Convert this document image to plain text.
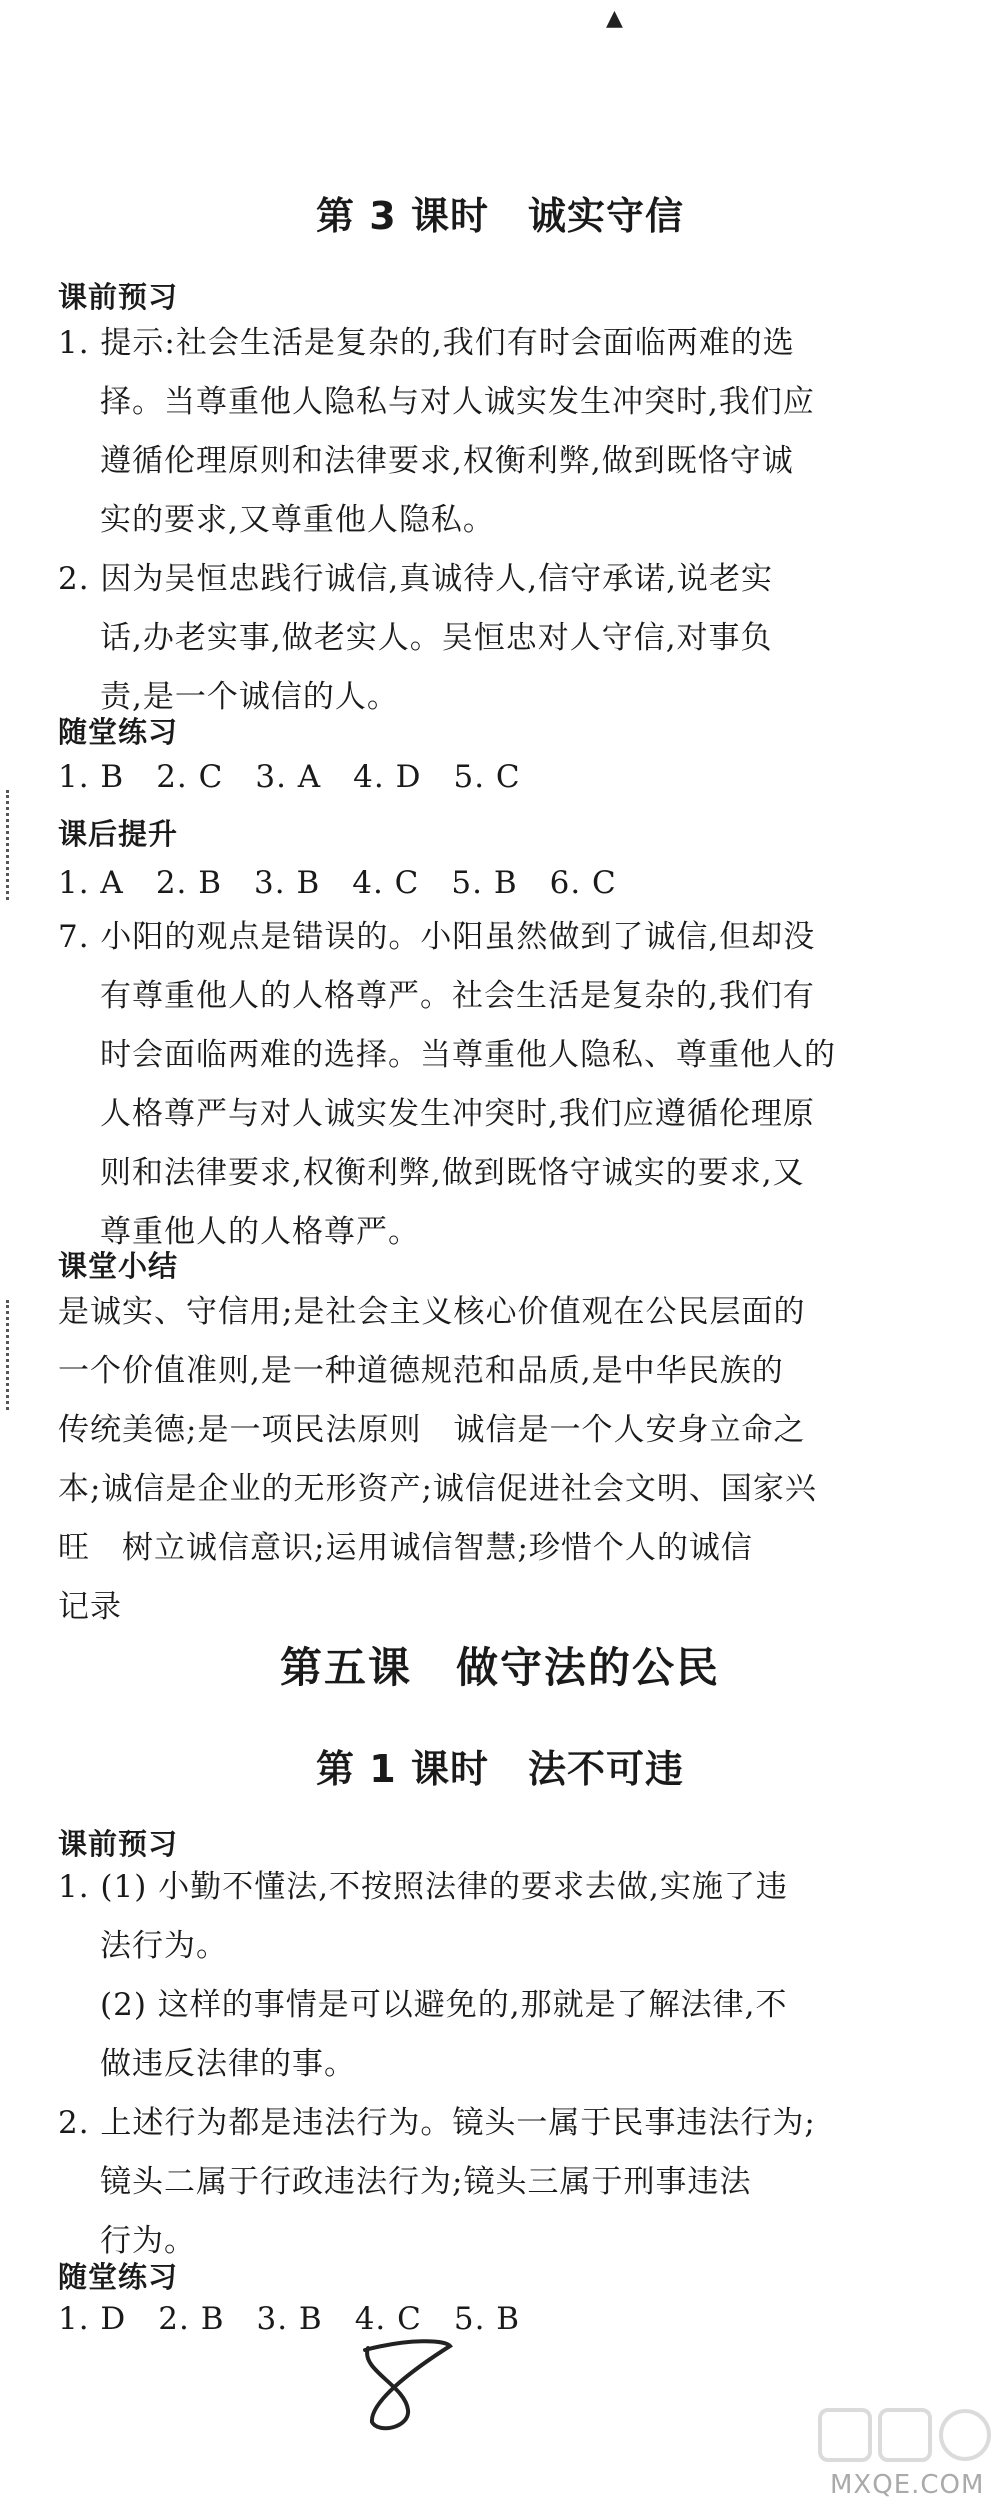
▲
第 3 课时　诚实守信
课前预习
1. 提示:社会生活是复杂的,我们有时会面临两难的选
择。当尊重他人隐私与对人诚实发生冲突时,我们应
遵循伦理原则和法律要求,权衡利弊,做到既恪守诚
实的要求,又尊重他人隐私。
2. 因为吴恒忠践行诚信,真诚待人,信守承诺,说老实
话,办老实事,做老实人。吴恒忠对人守信,对事负
责,是一个诚信的人。
随堂练习
1. B　2. C　3. A　4. D　5. C
课后提升
1. A　2. B　3. B　4. C　5. B　6. C
7. 小阳的观点是错误的。小阳虽然做到了诚信,但却没
有尊重他人的人格尊严。社会生活是复杂的,我们有
时会面临两难的选择。当尊重他人隐私、尊重他人的
人格尊严与对人诚实发生冲突时,我们应遵循伦理原
则和法律要求,权衡利弊,做到既恪守诚实的要求,又
尊重他人的人格尊严。
课堂小结
是诚实、守信用;是社会主义核心价值观在公民层面的
一个价值准则,是一种道德规范和品质,是中华民族的
传统美德;是一项民法原则　诚信是一个人安身立命之
本;诚信是企业的无形资产;诚信促进社会文明、国家兴
旺　树立诚信意识;运用诚信智慧;珍惜个人的诚信
记录
第五课　做守法的公民
第 1 课时　法不可违
课前预习
1. (1) 小勤不懂法,不按照法律的要求去做,实施了违
法行为。
(2) 这样的事情是可以避免的,那就是了解法律,不
做违反法律的事。
2. 上述行为都是违法行为。镜头一属于民事违法行为;
镜头二属于行政违法行为;镜头三属于刑事违法
行为。
随堂练习
1. D　2. B　3. B　4. C　5. B
MXQE.COM
